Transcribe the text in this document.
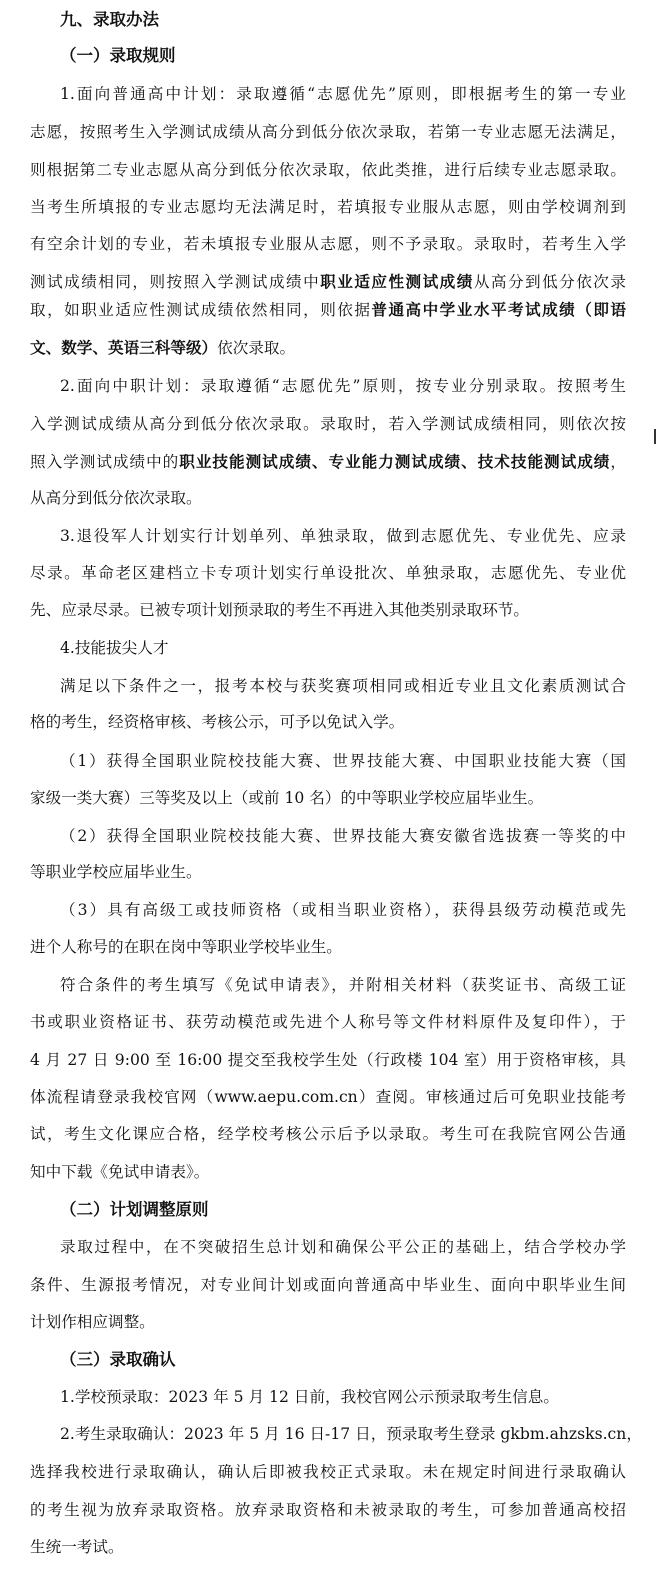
九、录取办法
（一）录取规则
1.面向普通高中计划：录取遵循“志愿优先”原则，即根据考生的第一专业
志愿，按照考生入学测试成绩从高分到低分依次录取，若第一专业志愿无法满足，
则根据第二专业志愿从高分到低分依次录取，依此类推，进行后续专业志愿录取。
当考生所填报的专业志愿均无法满足时，若填报专业服从志愿，则由学校调剂到
有空余计划的专业，若未填报专业服从志愿，则不予录取。录取时，若考生入学
测试成绩相同，则按照入学测试成绩中职业适应性测试成绩从高分到低分依次录
取，如职业适应性测试成绩依然相同，则依据普通高中学业水平考试成绩（即语
文、数学、英语三科等级）依次录取。
2.面向中职计划：录取遵循“志愿优先”原则，按专业分别录取。按照考生
入学测试成绩从高分到低分依次录取。录取时，若入学测试成绩相同，则依次按
照入学测试成绩中的职业技能测试成绩、专业能力测试成绩、技术技能测试成绩，
从高分到低分依次录取。
3.退役军人计划实行计划单列、单独录取，做到志愿优先、专业优先、应录
尽录。革命老区建档立卡专项计划实行单设批次、单独录取，志愿优先、专业优
先、应录尽录。已被专项计划预录取的考生不再进入其他类别录取环节。
4.技能拔尖人才
满足以下条件之一，报考本校与获奖赛项相同或相近专业且文化素质测试合
格的考生，经资格审核、考核公示，可予以免试入学。
（1）获得全国职业院校技能大赛、世界技能大赛、中国职业技能大赛（国
家级一类大赛）三等奖及以上（或前 10 名）的中等职业学校应届毕业生。
（2）获得全国职业院校技能大赛、世界技能大赛安徽省选拔赛一等奖的中
等职业学校应届毕业生。
（3）具有高级工或技师资格（或相当职业资格），获得县级劳动模范或先
进个人称号的在职在岗中等职业学校毕业生。
符合条件的考生填写《免试申请表》，并附相关材料（获奖证书、高级工证
书或职业资格证书、获劳动模范或先进个人称号等文件材料原件及复印件），于
4 月 27 日 9:00 至 16:00 提交至我校学生处（行政楼 104 室）用于资格审核，具
体流程请登录我校官网（www.aepu.com.cn）查阅。审核通过后可免职业技能考
试，考生文化课应合格，经学校考核公示后予以录取。考生可在我院官网公告通
知中下载《免试申请表》。
（二）计划调整原则
录取过程中，在不突破招生总计划和确保公平公正的基础上，结合学校办学
条件、生源报考情况，对专业间计划或面向普通高中毕业生、面向中职毕业生间
计划作相应调整。
（三）录取确认
1.学校预录取：2023 年 5 月 12 日前，我校官网公示预录取考生信息。
2.考生录取确认：2023 年 5 月 16 日-17 日，预录取考生登录 gkbm.ahzsks.cn，
选择我校进行录取确认，确认后即被我校正式录取。未在规定时间进行录取确认
的考生视为放弃录取资格。放弃录取资格和未被录取的考生，可参加普通高校招
生统一考试。
